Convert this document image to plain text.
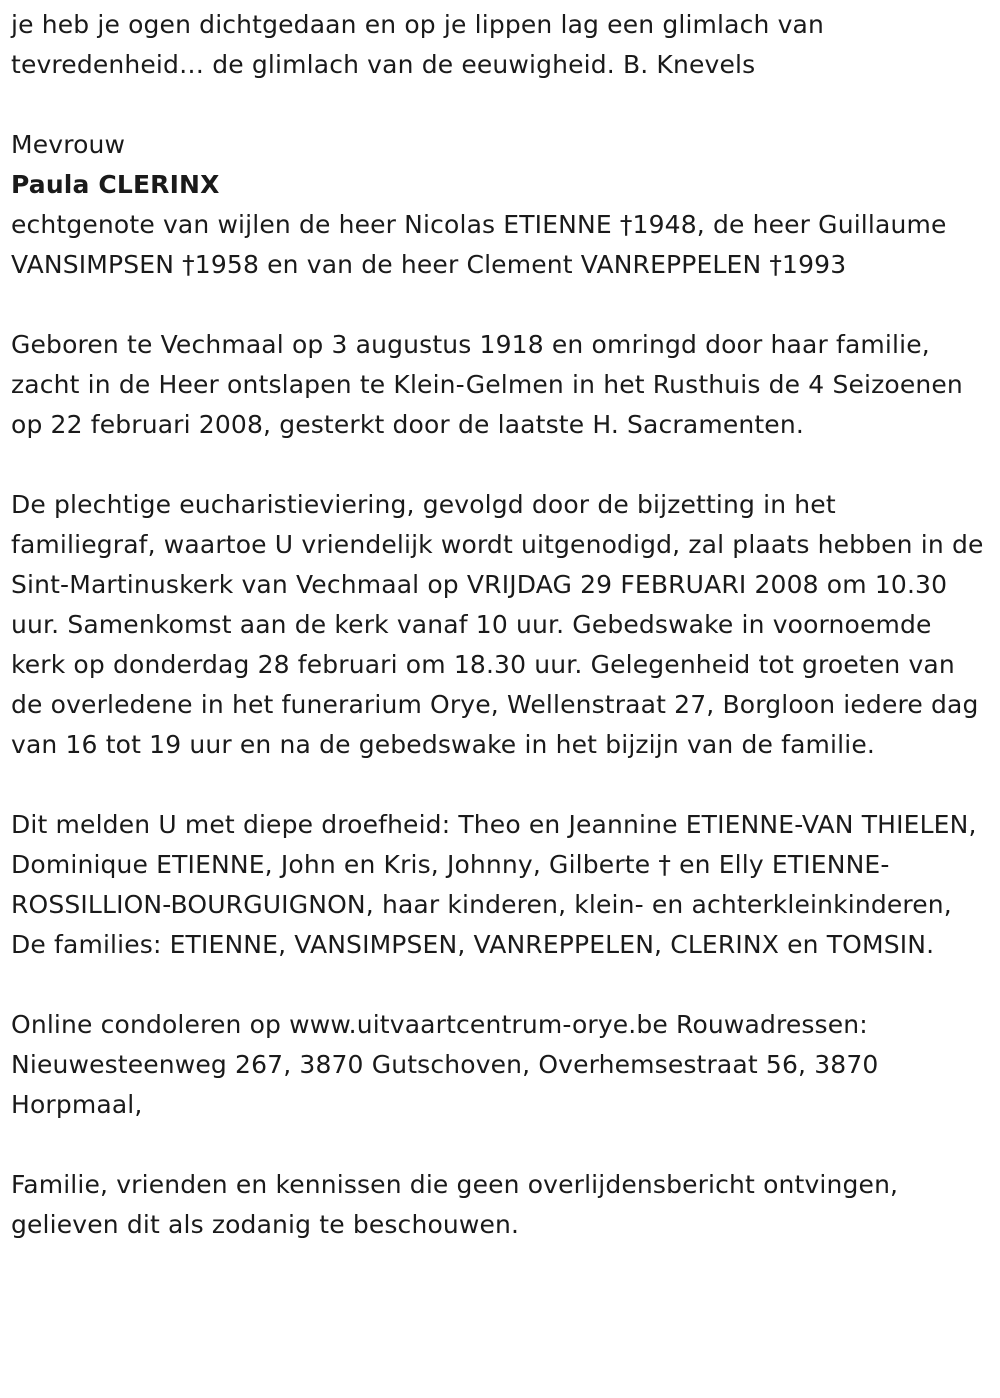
je heb je ogen dichtgedaan en op je lippen lag een glimlach van tevredenheid… de glimlach van de eeuwigheid. B. Knevels

Mevrouw

Paula CLERINX

echtgenote van wijlen de heer Nicolas ETIENNE †1948, de heer Guillaume VANSIMPSEN †1958 en van de heer Clement VANREPPELEN †1993

Geboren te Vechmaal op 3 augustus 1918 en omringd door haar familie, zacht in de Heer ontslapen te Klein-Gelmen in het Rusthuis de 4 Seizoenen op 22 februari 2008, gesterkt door de laatste H. Sacramenten.

De plechtige eucharistieviering, gevolgd door de bijzetting in het familiegraf, waartoe U vriendelijk wordt uitgenodigd, zal plaats hebben in de Sint-Martinuskerk van Vechmaal op VRIJDAG 29 FEBRUARI 2008 om 10.30 uur. Samenkomst aan de kerk vanaf 10 uur. Gebedswake in voornoemde kerk op donderdag 28 februari om 18.30 uur. Gelegenheid tot groeten van de overledene in het funerarium Orye, Wellenstraat 27, Borgloon iedere dag van 16 tot 19 uur en na de gebedswake in het bijzijn van de familie.

Dit melden U met diepe droefheid: Theo en Jeannine ETIENNE-VAN THIELEN, Dominique ETIENNE, John en Kris, Johnny, Gilberte † en Elly ETIENNE-ROSSILLION-BOURGUIGNON, haar kinderen, klein- en achterkleinkinderen, De families: ETIENNE, VANSIMPSEN, VANREPPELEN, CLERINX en TOMSIN.

Online condoleren op www.uitvaartcentrum-orye.be Rouwadressen: Nieuwesteenweg 267, 3870 Gutschoven, Overhemsestraat 56, 3870 Horpmaal,

Familie, vrienden en kennissen die geen overlijdensbericht ontvingen, gelieven dit als zodanig te beschouwen.
